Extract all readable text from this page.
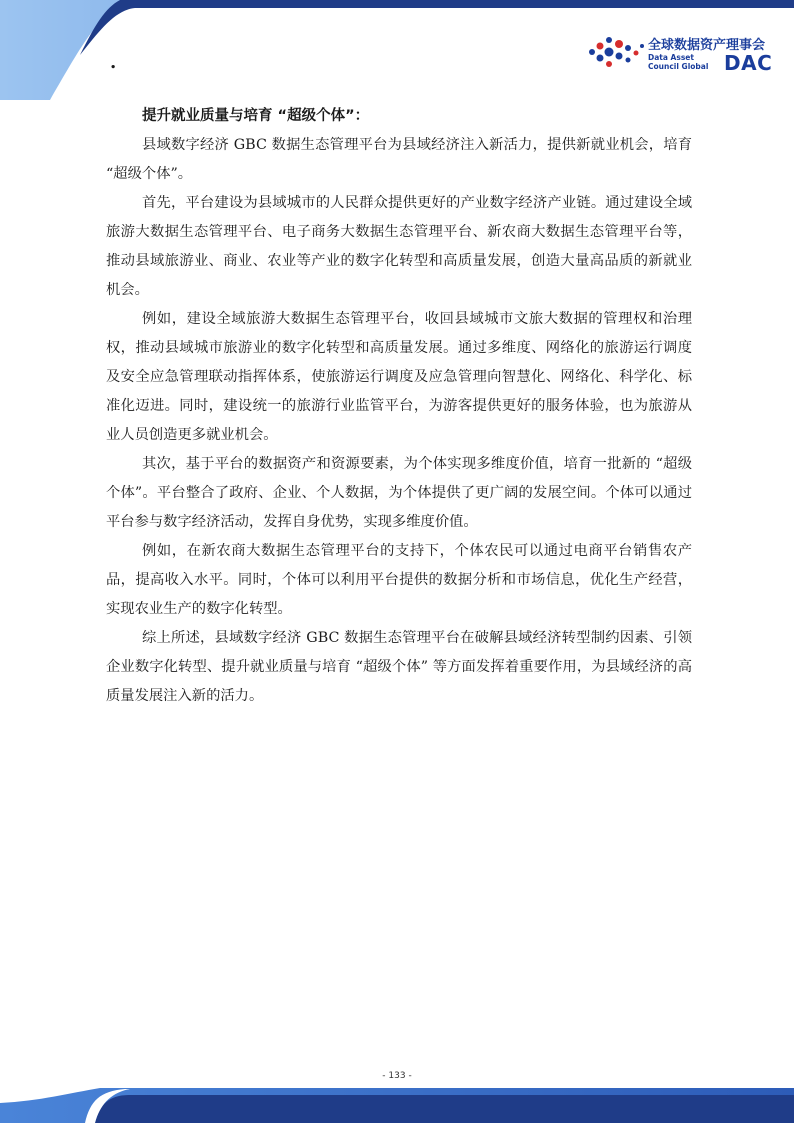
.
全球数据资产理事会
Data Asset
Council Global DAC
提升就业质量与培育 “超级个体”：

县域数字经济 GBC 数据生态管理平台为县域经济注入新活力，提供新就业机会，培育 “超级个体”。

首先，平台建设为县域城市的人民群众提供更好的产业数字经济产业链。通过建设全域旅游大数据生态管理平台、电子商务大数据生态管理平台、新农商大数据生态管理平台等，推动县域旅游业、商业、农业等产业的数字化转型和高质量发展，创造大量高品质的新就业机会。

例如，建设全域旅游大数据生态管理平台，收回县域城市文旅大数据的管理权和治理权，推动县域城市旅游业的数字化转型和高质量发展。通过多维度、网络化的旅游运行调度及安全应急管理联动指挥体系，使旅游运行调度及应急管理向智慧化、网络化、科学化、标准化迈进。同时，建设统一的旅游行业监管平台，为游客提供更好的服务体验，也为旅游从业人员创造更多就业机会。

其次，基于平台的数据资产和资源要素，为个体实现多维度价值，培育一批新的 “超级个体”。平台整合了政府、企业、个人数据，为个体提供了更广阔的发展空间。个体可以通过平台参与数字经济活动，发挥自身优势，实现多维度价值。

例如，在新农商大数据生态管理平台的支持下，个体农民可以通过电商平台销售农产品，提高收入水平。同时，个体可以利用平台提供的数据分析和市场信息，优化生产经营，实现农业生产的数字化转型。

综上所述，县域数字经济 GBC 数据生态管理平台在破解县域经济转型制约因素、引领企业数字化转型、提升就业质量与培育 “超级个体” 等方面发挥着重要作用，为县域经济的高质量发展注入新的活力。

- 133 -
